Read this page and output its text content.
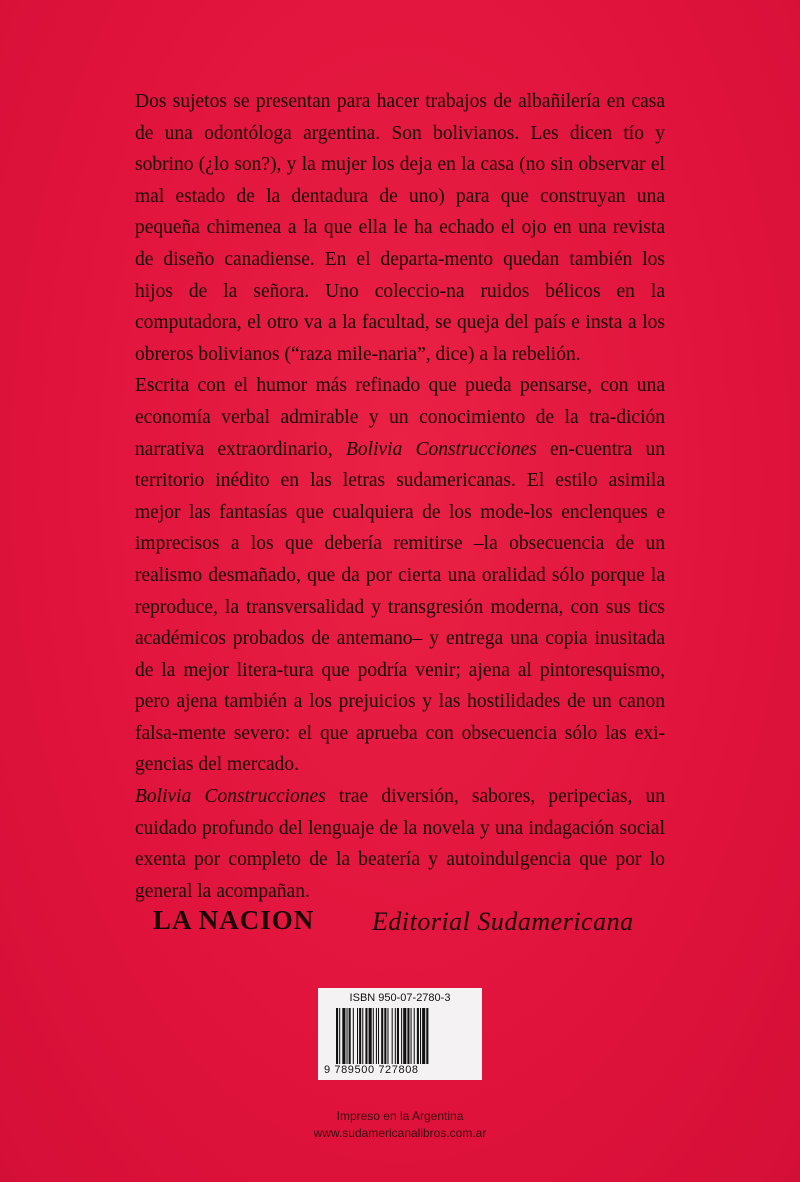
Dos sujetos se presentan para hacer trabajos de albañilería en casa de una odontóloga argentina. Son bolivianos. Les dicen tío y sobrino (¿lo son?), y la mujer los deja en la casa (no sin observar el mal estado de la dentadura de uno) para que construyan una pequeña chimenea a la que ella le ha echado el ojo en una revista de diseño canadiense. En el departa-mento quedan también los hijos de la señora. Uno coleccio-na ruidos bélicos en la computadora, el otro va a la facultad, se queja del país e insta a los obreros bolivianos (“raza mile-naria”, dice) a la rebelión.

Escrita con el humor más refinado que pueda pensarse, con una economía verbal admirable y un conocimiento de la tra-dición narrativa extraordinario, Bolivia Construcciones en-cuentra un territorio inédito en las letras sudamericanas. El estilo asimila mejor las fantasías que cualquiera de los mode-los enclenques e imprecisos a los que debería remitirse –la obsecuencia de un realismo desmañado, que da por cierta una oralidad sólo porque la reproduce, la transversalidad y transgresión moderna, con sus tics académicos probados de antemano– y entrega una copia inusitada de la mejor litera-tura que podría venir; ajena al pintoresquismo, pero ajena también a los prejuicios y las hostilidades de un canon falsa-mente severo: el que aprueba con obsecuencia sólo las exi-gencias del mercado.

Bolivia Construcciones trae diversión, sabores, peripecias, un cuidado profundo del lenguaje de la novela y una indagación social exenta por completo de la beatería y autoindulgencia que por lo general la acompañan.

LA NACION Editorial Sudamericana
ISBN 950-07-2780-3
9 789500 727808
Impreso en la Argentina
www.sudamericanalibros.com.ar
